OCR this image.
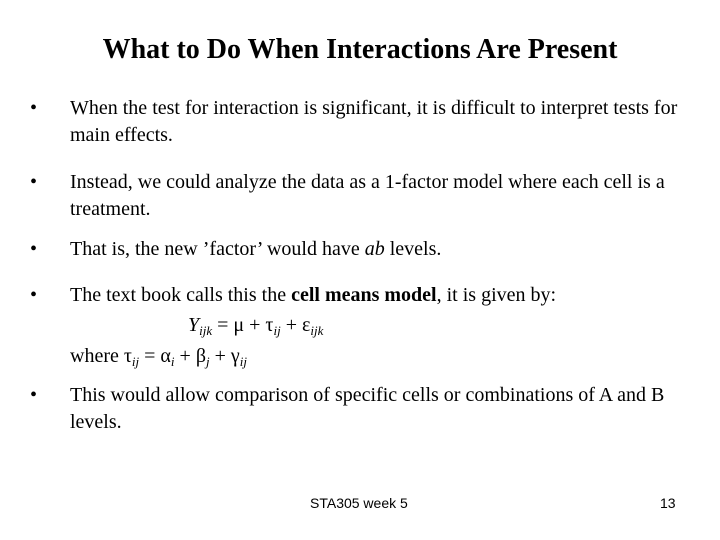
What to Do When Interactions Are Present
•	When the test for interaction is significant, it is difficult to interpret tests for main effects.
•	Instead, we could analyze the data as a 1-factor model where each cell is a treatment.
•	That is, the new ’factor’ would have ab levels.
•	The text book calls this the cell means model, it is given by:
$Y_{ijk} = \mu + \tau_{ij} + \varepsilon_{ijk}$
where $\tau_{ij} = \alpha_i + \beta_j + \gamma_{ij}$
•	This would allow comparison of specific cells or combinations of A and B levels.
STA305 week 5	13
